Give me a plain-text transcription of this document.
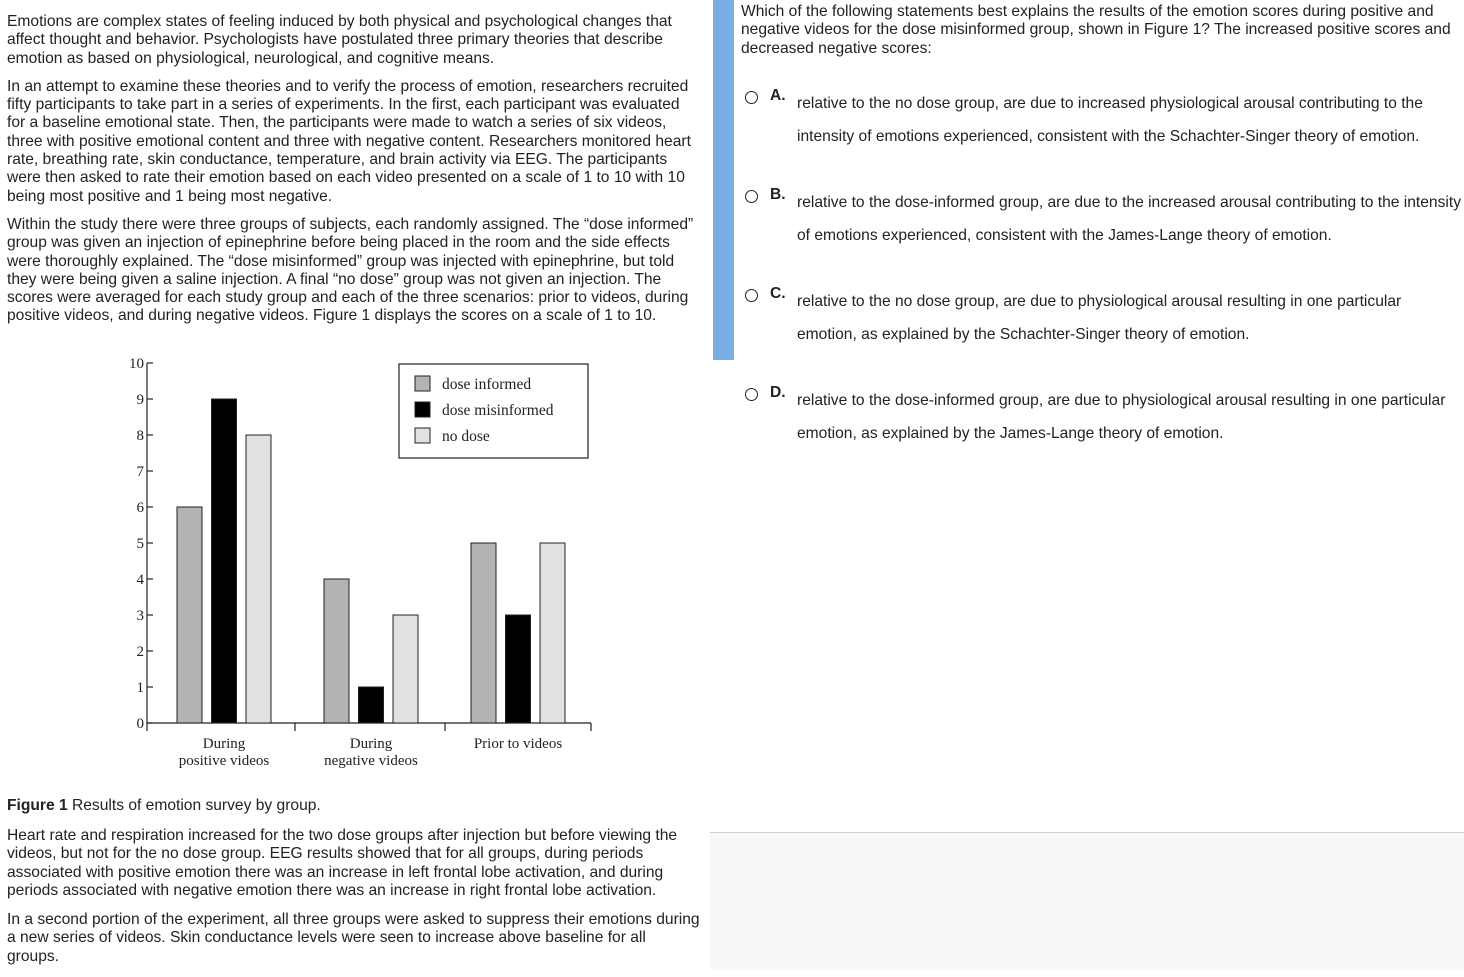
Emotions are complex states of feeling induced by both physical and psychological changes that affect thought and behavior. Psychologists have postulated three primary theories that describe emotion as based on physiological, neurological, and cognitive means.

In an attempt to examine these theories and to verify the process of emotion, researchers recruited fifty participants to take part in a series of experiments. In the first, each participant was evaluated for a baseline emotional state. Then, the participants were made to watch a series of six videos, three with positive emotional content and three with negative content. Researchers monitored heart rate, breathing rate, skin conductance, temperature, and brain activity via EEG. The participants were then asked to rate their emotion based on each video presented on a scale of 1 to 10 with 10 being most positive and 1 being most negative.

Within the study there were three groups of subjects, each randomly assigned. The “dose informed” group was given an injection of epinephrine before being placed in the room and the side effects were thoroughly explained. The “dose misinformed” group was injected with epinephrine, but told they were being given a saline injection. A final “no dose” group was not given an injection. The scores were averaged for each study group and each of the three scenarios: prior to videos, during positive videos, and during negative videos. Figure 1 displays the scores on a scale of 1 to 10.

0
1
2
3
4
5
6
7
8
9
10
During
positive videos
During
negative videos
Prior to videos
dose informed
dose misinformed
no dose
Figure 1 Results of emotion survey by group.

Heart rate and respiration increased for the two dose groups after injection but before viewing the videos, but not for the no dose group. EEG results showed that for all groups, during periods associated with positive emotion there was an increase in left frontal lobe activation, and during periods associated with negative emotion there was an increase in right frontal lobe activation.

In a second portion of the experiment, all three groups were asked to suppress their emotions during a new series of videos. Skin conductance levels were seen to increase above baseline for all groups.

Which of the following statements best explains the results of the emotion scores during positive and negative videos for the dose misinformed group, shown in Figure 1? The increased positive scores and decreased negative scores:
A. relative to the no dose group, are due to increased physiological arousal contributing to the intensity of emotions experienced, consistent with the Schachter-Singer theory of emotion.
B. relative to the dose-informed group, are due to the increased arousal contributing to the intensity of emotions experienced, consistent with the James-Lange theory of emotion.
C. relative to the no dose group, are due to physiological arousal resulting in one particular emotion, as explained by the Schachter-Singer theory of emotion.
D. relative to the dose-informed group, are due to physiological arousal resulting in one particular emotion, as explained by the James-Lange theory of emotion.
